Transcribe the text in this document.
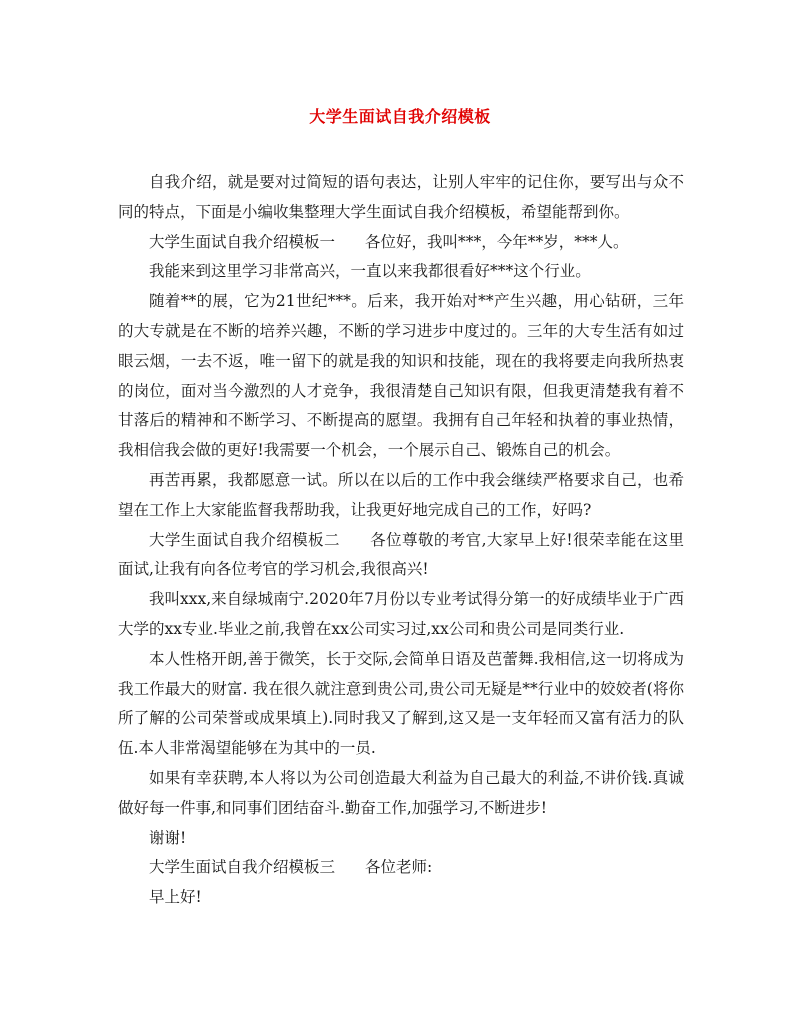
大学生面试自我介绍模板

自我介绍，就是要对过简短的语句表达，让别人牢牢的记住你，要写出与众不同的特点，下面是小编收集整理大学生面试自我介绍模板，希望能帮到你。

大学生面试自我介绍模板一 各位好，我叫***，今年**岁，***人。

我能来到这里学习非常高兴，一直以来我都很看好***这个行业。

随着**的展，它为21世纪***。后来，我开始对**产生兴趣，用心钻研，三年的大专就是在不断的培养兴趣，不断的学习进步中度过的。三年的大专生活有如过眼云烟，一去不返，唯一留下的就是我的知识和技能，现在的我将要走向我所热衷的岗位，面对当今激烈的人才竞争，我很清楚自己知识有限，但我更清楚我有着不甘落后的精神和不断学习、不断提高的愿望。我拥有自己年轻和执着的事业热情，我相信我会做的更好!我需要一个机会，一个展示自己、锻炼自己的机会。

再苦再累，我都愿意一试。所以在以后的工作中我会继续严格要求自己，也希望在工作上大家能监督我帮助我，让我更好地完成自己的工作，好吗?

大学生面试自我介绍模板二 各位尊敬的考官,大家早上好!很荣幸能在这里面试,让我有向各位考官的学习机会,我很高兴!

我叫xxx,来自绿城南宁.2020年7月份以专业考试得分第一的好成绩毕业于广西大学的xx专业.毕业之前,我曾在xx公司实习过,xx公司和贵公司是同类行业.

本人性格开朗,善于微笑，长于交际,会简单日语及芭蕾舞.我相信,这一切将成为我工作最大的财富. 我在很久就注意到贵公司,贵公司无疑是**行业中的姣姣者(将你所了解的公司荣誉或成果填上).同时我又了解到,这又是一支年轻而又富有活力的队伍.本人非常渴望能够在为其中的一员.

如果有幸获聘,本人将以为公司创造最大利益为自己最大的利益,不讲价钱.真诚做好每一件事,和同事们团结奋斗.勤奋工作,加强学习,不断进步!

谢谢!

大学生面试自我介绍模板三 各位老师:

早上好!
